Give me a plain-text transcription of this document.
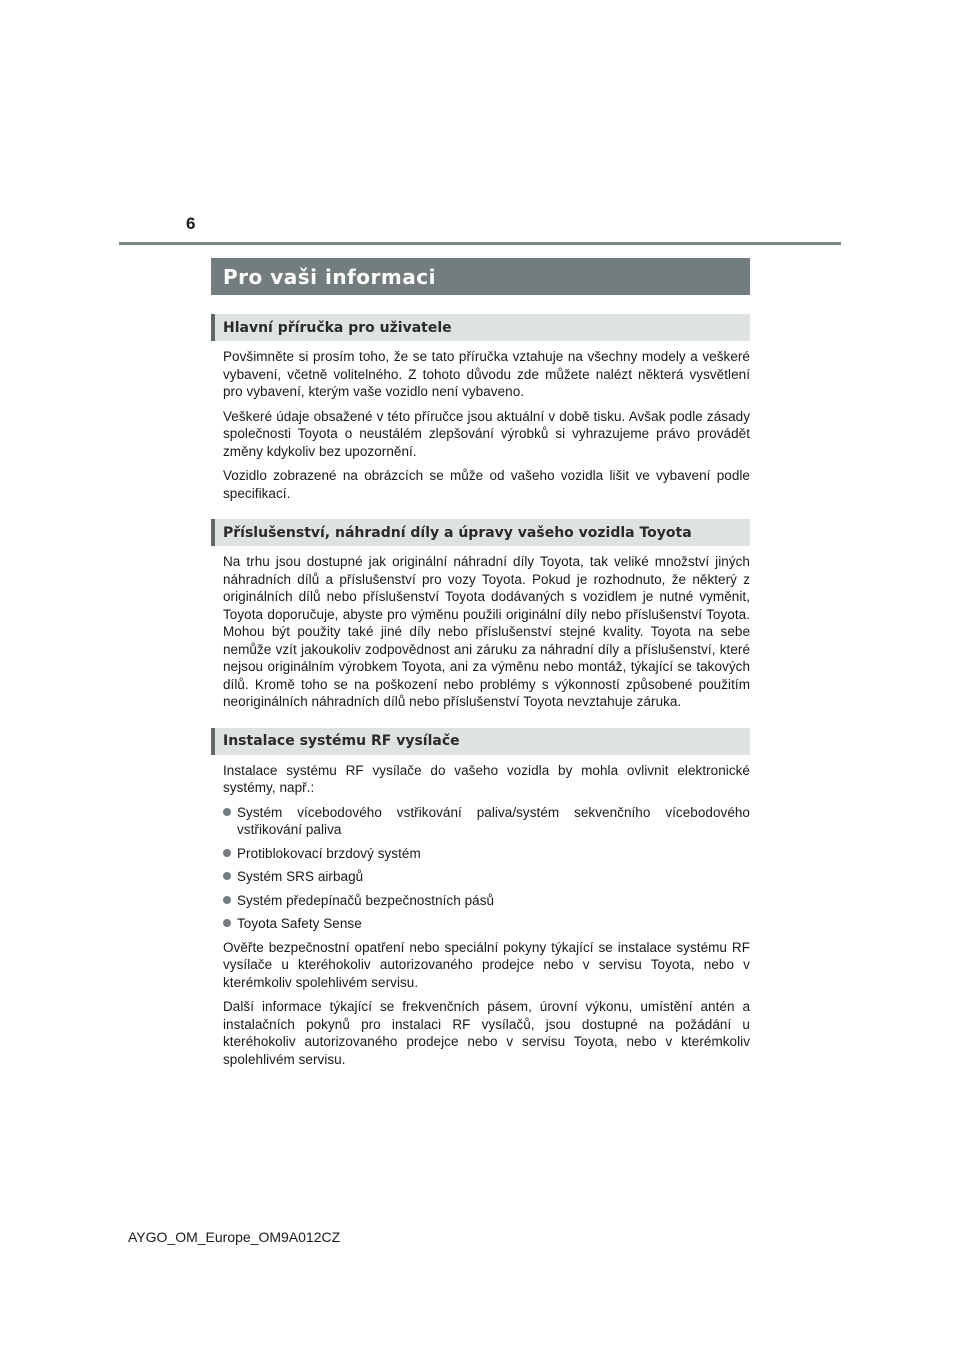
6
Pro vaši informaci
Hlavní příručka pro uživatele

Povšimněte si prosím toho, že se tato příručka vztahuje na všechny modely a veškeré vybavení, včetně volitelného. Z tohoto důvodu zde můžete nalézt některá vysvětlení pro vybavení, kterým vaše vozidlo není vybaveno.

Veškeré údaje obsažené v této příručce jsou aktuální v době tisku. Avšak podle zásady společnosti Toyota o neustálém zlepšování výrobků si vyhrazujeme právo provádět změny kdykoliv bez upozornění.

Vozidlo zobrazené na obrázcích se může od vašeho vozidla lišit ve vybavení podle specifikací.

Příslušenství, náhradní díly a úpravy vašeho vozidla Toyota

Na trhu jsou dostupné jak originální náhradní díly Toyota, tak veliké množství jiných náhradních dílů a příslušenství pro vozy Toyota. Pokud je rozhodnuto, že některý z originálních dílů nebo příslušenství Toyota dodávaných s vozidlem je nutné vyměnit, Toyota doporučuje, abyste pro výměnu použili originální díly nebo příslušenství Toyota. Mohou být použity také jiné díly nebo příslušenství stejné kvality. Toyota na sebe nemůže vzít jakoukoliv zodpovědnost ani záruku za náhradní díly a příslušenství, které nejsou originálním výrobkem Toyota, ani za výměnu nebo montáž, týkající se takových dílů. Kromě toho se na poškození nebo problémy s výkonností způsobené použitím neoriginálních náhradních dílů nebo příslušenství Toyota nevztahuje záruka.

Instalace systému RF vysílače

Instalace systému RF vysílače do vašeho vozidla by mohla ovlivnit elektronické systémy, např.:

Systém vícebodového vstřikování paliva/systém sekvenčního vícebodového vstřikování paliva

Protiblokovací brzdový systém

Systém SRS airbagů

Systém předepínačů bezpečnostních pásů

Toyota Safety Sense

Ověřte bezpečnostní opatření nebo speciální pokyny týkající se instalace systému RF vysílače u kteréhokoliv autorizovaného prodejce nebo v servisu Toyota, nebo v kterémkoliv spolehlivém servisu.

Další informace týkající se frekvenčních pásem, úrovní výkonu, umístění antén a instalačních pokynů pro instalaci RF vysílačů, jsou dostupné na požádání u kteréhokoliv autorizovaného prodejce nebo v servisu Toyota, nebo v kterémkoliv spolehlivém servisu.

AYGO_OM_Europe_OM9A012CZ
